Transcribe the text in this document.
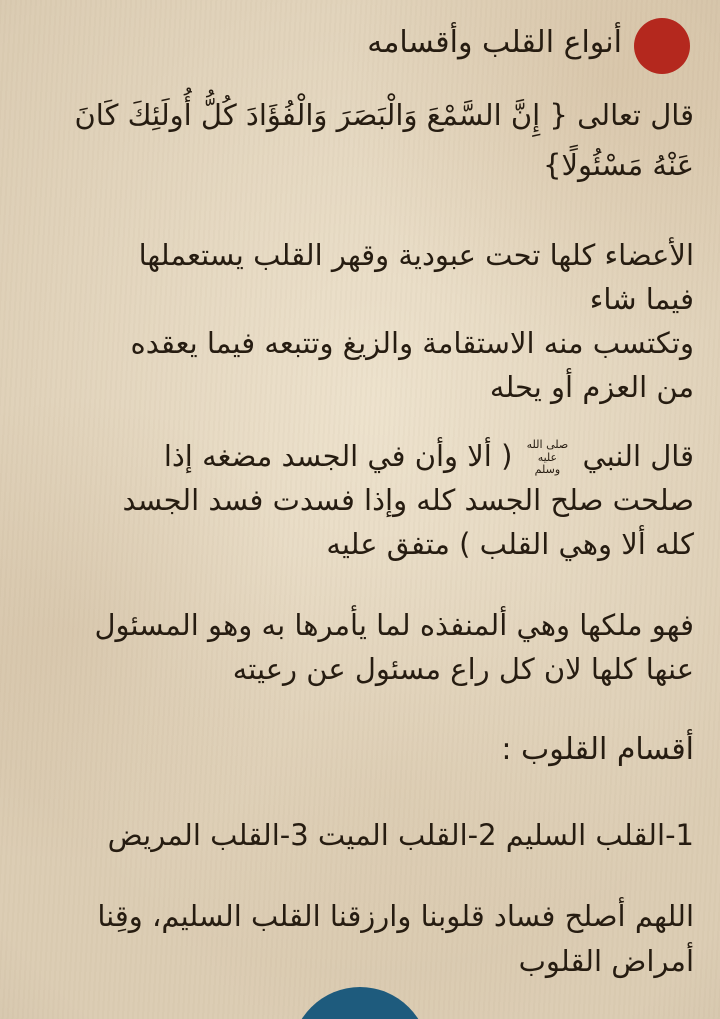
أنواع القلب وأقسامه

قال تعالى { إِنَّ السَّمْعَ وَالْبَصَرَ وَالْفُؤَادَ كُلُّ أُولَئِكَ كَانَ
عَنْهُ مَسْئُولًا}

الأعضاء كلها تحت عبودية وقهر القلب يستعملها
فيما شاء
وتكتسب منه الاستقامة والزيغ وتتبعه فيما يعقده
من العزم أو يحله

قال النبي
صلى الله
عليه
وسلم
( ألا وأن في الجسد مضغه إذا
صلحت صلح الجسد كله وإذا فسدت فسد الجسد
كله ألا وهي القلب ) متفق عليه

فهو ملكها وهي ألمنفذه لما يأمرها به وهو المسئول
عنها كلها لان كل راع مسئول عن رعيته

أقسام القلوب :

1-القلب السليم 2-القلب الميت 3-القلب المريض

اللهم أصلح فساد قلوبنا وارزقنا القلب السليم، وقِنا
أمراض القلوب
